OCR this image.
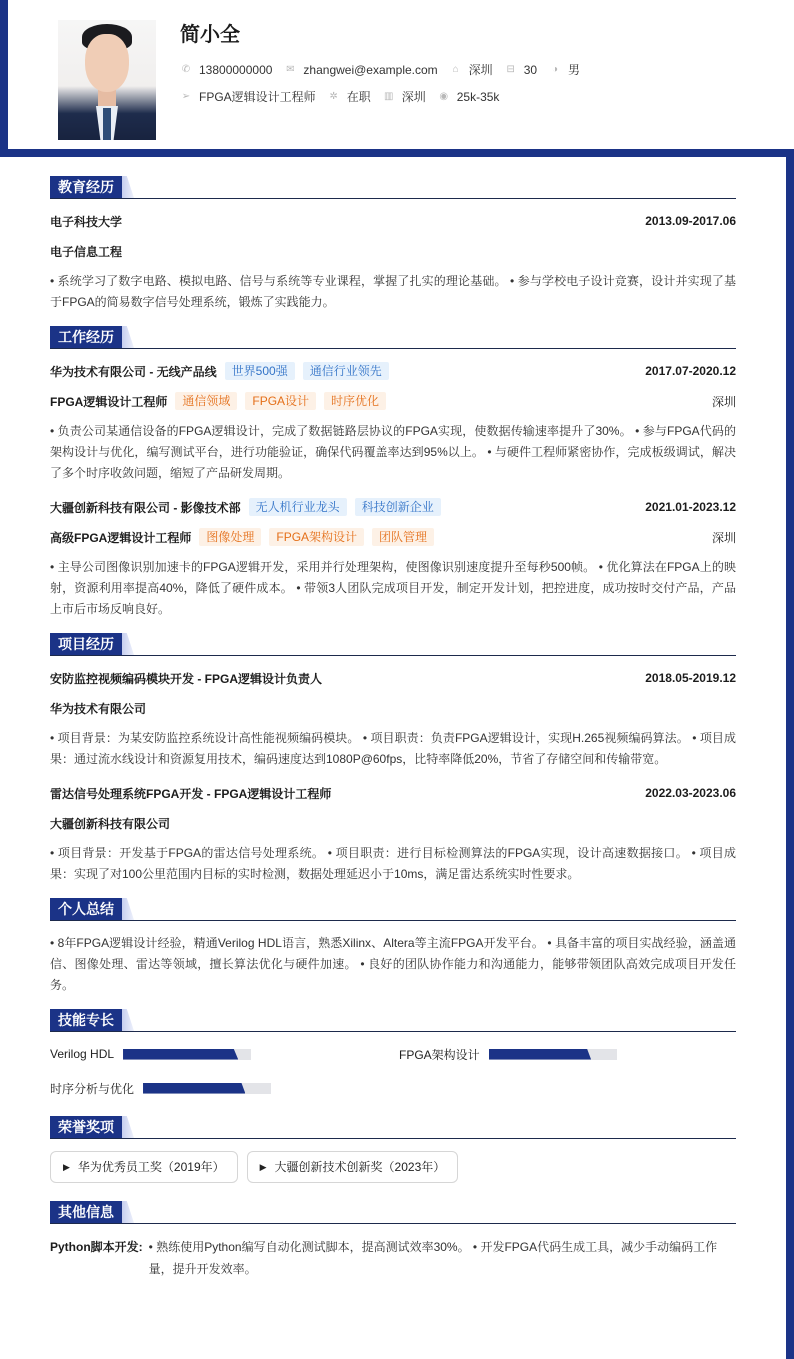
简小全
✆ 13800000000 ✉ zhangwei@example.com ⌂ 深圳 ⊟ 30 ◑ 男
➢ FPGA逻辑设计工程师 ✲ 在职 ▥ 深圳 ◉ 25k-35k
教育经历
电子科技大学	2013.09-2017.06
电子信息工程
• 系统学习了数字电路、模拟电路、信号与系统等专业课程，掌握了扎实的理论基础。 • 参与学校电子设计竞赛，设计并实现了基于FPGA的简易数字信号处理系统，锻炼了实践能力。
工作经历
华为技术有限公司 - 无线产品线	世界500强	通信行业领先	2017.07-2020.12
FPGA逻辑设计工程师	通信领域	FPGA设计	时序优化	深圳
• 负责公司某通信设备的FPGA逻辑设计，完成了数据链路层协议的FPGA实现，使数据传输速率提升了30%。 • 参与FPGA代码的架构设计与优化，编写测试平台，进行功能验证，确保代码覆盖率达到95%以上。 • 与硬件工程师紧密协作，完成板级调试，解决了多个时序收敛问题，缩短了产品研发周期。
大疆创新科技有限公司 - 影像技术部	无人机行业龙头	科技创新企业	2021.01-2023.12
高级FPGA逻辑设计工程师	图像处理	FPGA架构设计	团队管理	深圳
• 主导公司图像识别加速卡的FPGA逻辑开发，采用并行处理架构，使图像识别速度提升至每秒500帧。 • 优化算法在FPGA上的映射，资源利用率提高40%，降低了硬件成本。 • 带领3人团队完成项目开发，制定开发计划，把控进度，成功按时交付产品，产品上市后市场反响良好。
项目经历
安防监控视频编码模块开发 - FPGA逻辑设计负责人	2018.05-2019.12
华为技术有限公司
• 项目背景：为某安防监控系统设计高性能视频编码模块。 • 项目职责：负责FPGA逻辑设计，实现H.265视频编码算法。 • 项目成果：通过流水线设计和资源复用技术，编码速度达到1080P@60fps，比特率降低20%，节省了存储空间和传输带宽。
雷达信号处理系统FPGA开发 - FPGA逻辑设计工程师	2022.03-2023.06
大疆创新科技有限公司
• 项目背景：开发基于FPGA的雷达信号处理系统。 • 项目职责：进行目标检测算法的FPGA实现，设计高速数据接口。 • 项目成果：实现了对100公里范围内目标的实时检测，数据处理延迟小于10ms，满足雷达系统实时性要求。
个人总结
• 8年FPGA逻辑设计经验，精通Verilog HDL语言，熟悉Xilinx、Altera等主流FPGA开发平台。 • 具备丰富的项目实战经验，涵盖通信、图像处理、雷达等领域，擅长算法优化与硬件加速。 • 良好的团队协作能力和沟通能力，能够带领团队高效完成项目开发任务。
技能专长
Verilog HDL	FPGA架构设计
时序分析与优化
荣誉奖项
▶ 华为优秀员工奖（2019年）	▶ 大疆创新技术创新奖（2023年）
其他信息
Python脚本开发: • 熟练使用Python编写自动化测试脚本，提高测试效率30%。 • 开发FPGA代码生成工具，减少手动编码工作量，提升开发效率。
